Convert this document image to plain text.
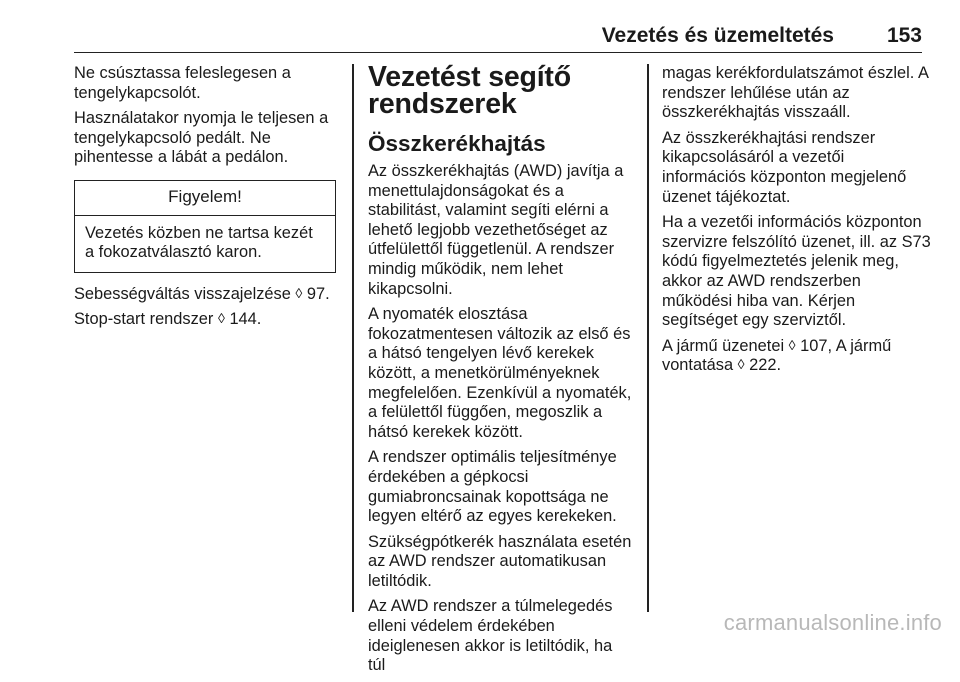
Vezetés és üzemeltetés	153

Ne csúsztassa feleslegesen a tengelykapcsolót.

Használatakor nyomja le teljesen a tengelykapcsoló pedált. Ne pihentesse a lábát a pedálon.

Figyelem!
Vezetés közben ne tartsa kezét a fokozatválasztó karon.

Sebességváltás visszajelzése ◊ 97.

Stop-start rendszer ◊ 144.

Vezetést segítő rendszerek
Összkerékhajtás

Az összkerékhajtás (AWD) javítja a menettulajdonságokat és a stabilitást, valamint segíti elérni a lehető legjobb vezethetőséget az útfelülettől függetlenül. A rendszer mindig működik, nem lehet kikapcsolni.

A nyomaték elosztása fokozatmentesen változik az első és a hátsó tengelyen lévő kerekek között, a menetkörülményeknek megfelelően. Ezenkívül a nyomaték, a felülettől függően, megoszlik a hátsó kerekek között.

A rendszer optimális teljesítménye érdekében a gépkocsi gumiabroncsainak kopottsága ne legyen eltérő az egyes kerekeken.

Szükségpótkerék használata esetén az AWD rendszer automatikusan letiltódik.

Az AWD rendszer a túlmelegedés elleni védelem érdekében ideiglenesen akkor is letiltódik, ha túl

magas kerékfordulatszámot észlel. A rendszer lehűlése után az összkerékhajtás visszaáll.

Az összkerékhajtási rendszer kikapcsolásáról a vezetői információs központon megjelenő üzenet tájékoztat.

Ha a vezetői információs központon szervizre felszólító üzenet, ill. az S73 kódú figyelmeztetés jelenik meg, akkor az AWD rendszerben működési hiba van. Kérjen segítséget egy szerviztől.

A jármű üzenetei ◊ 107, A jármű vontatása ◊ 222.

carmanualsonline.info
